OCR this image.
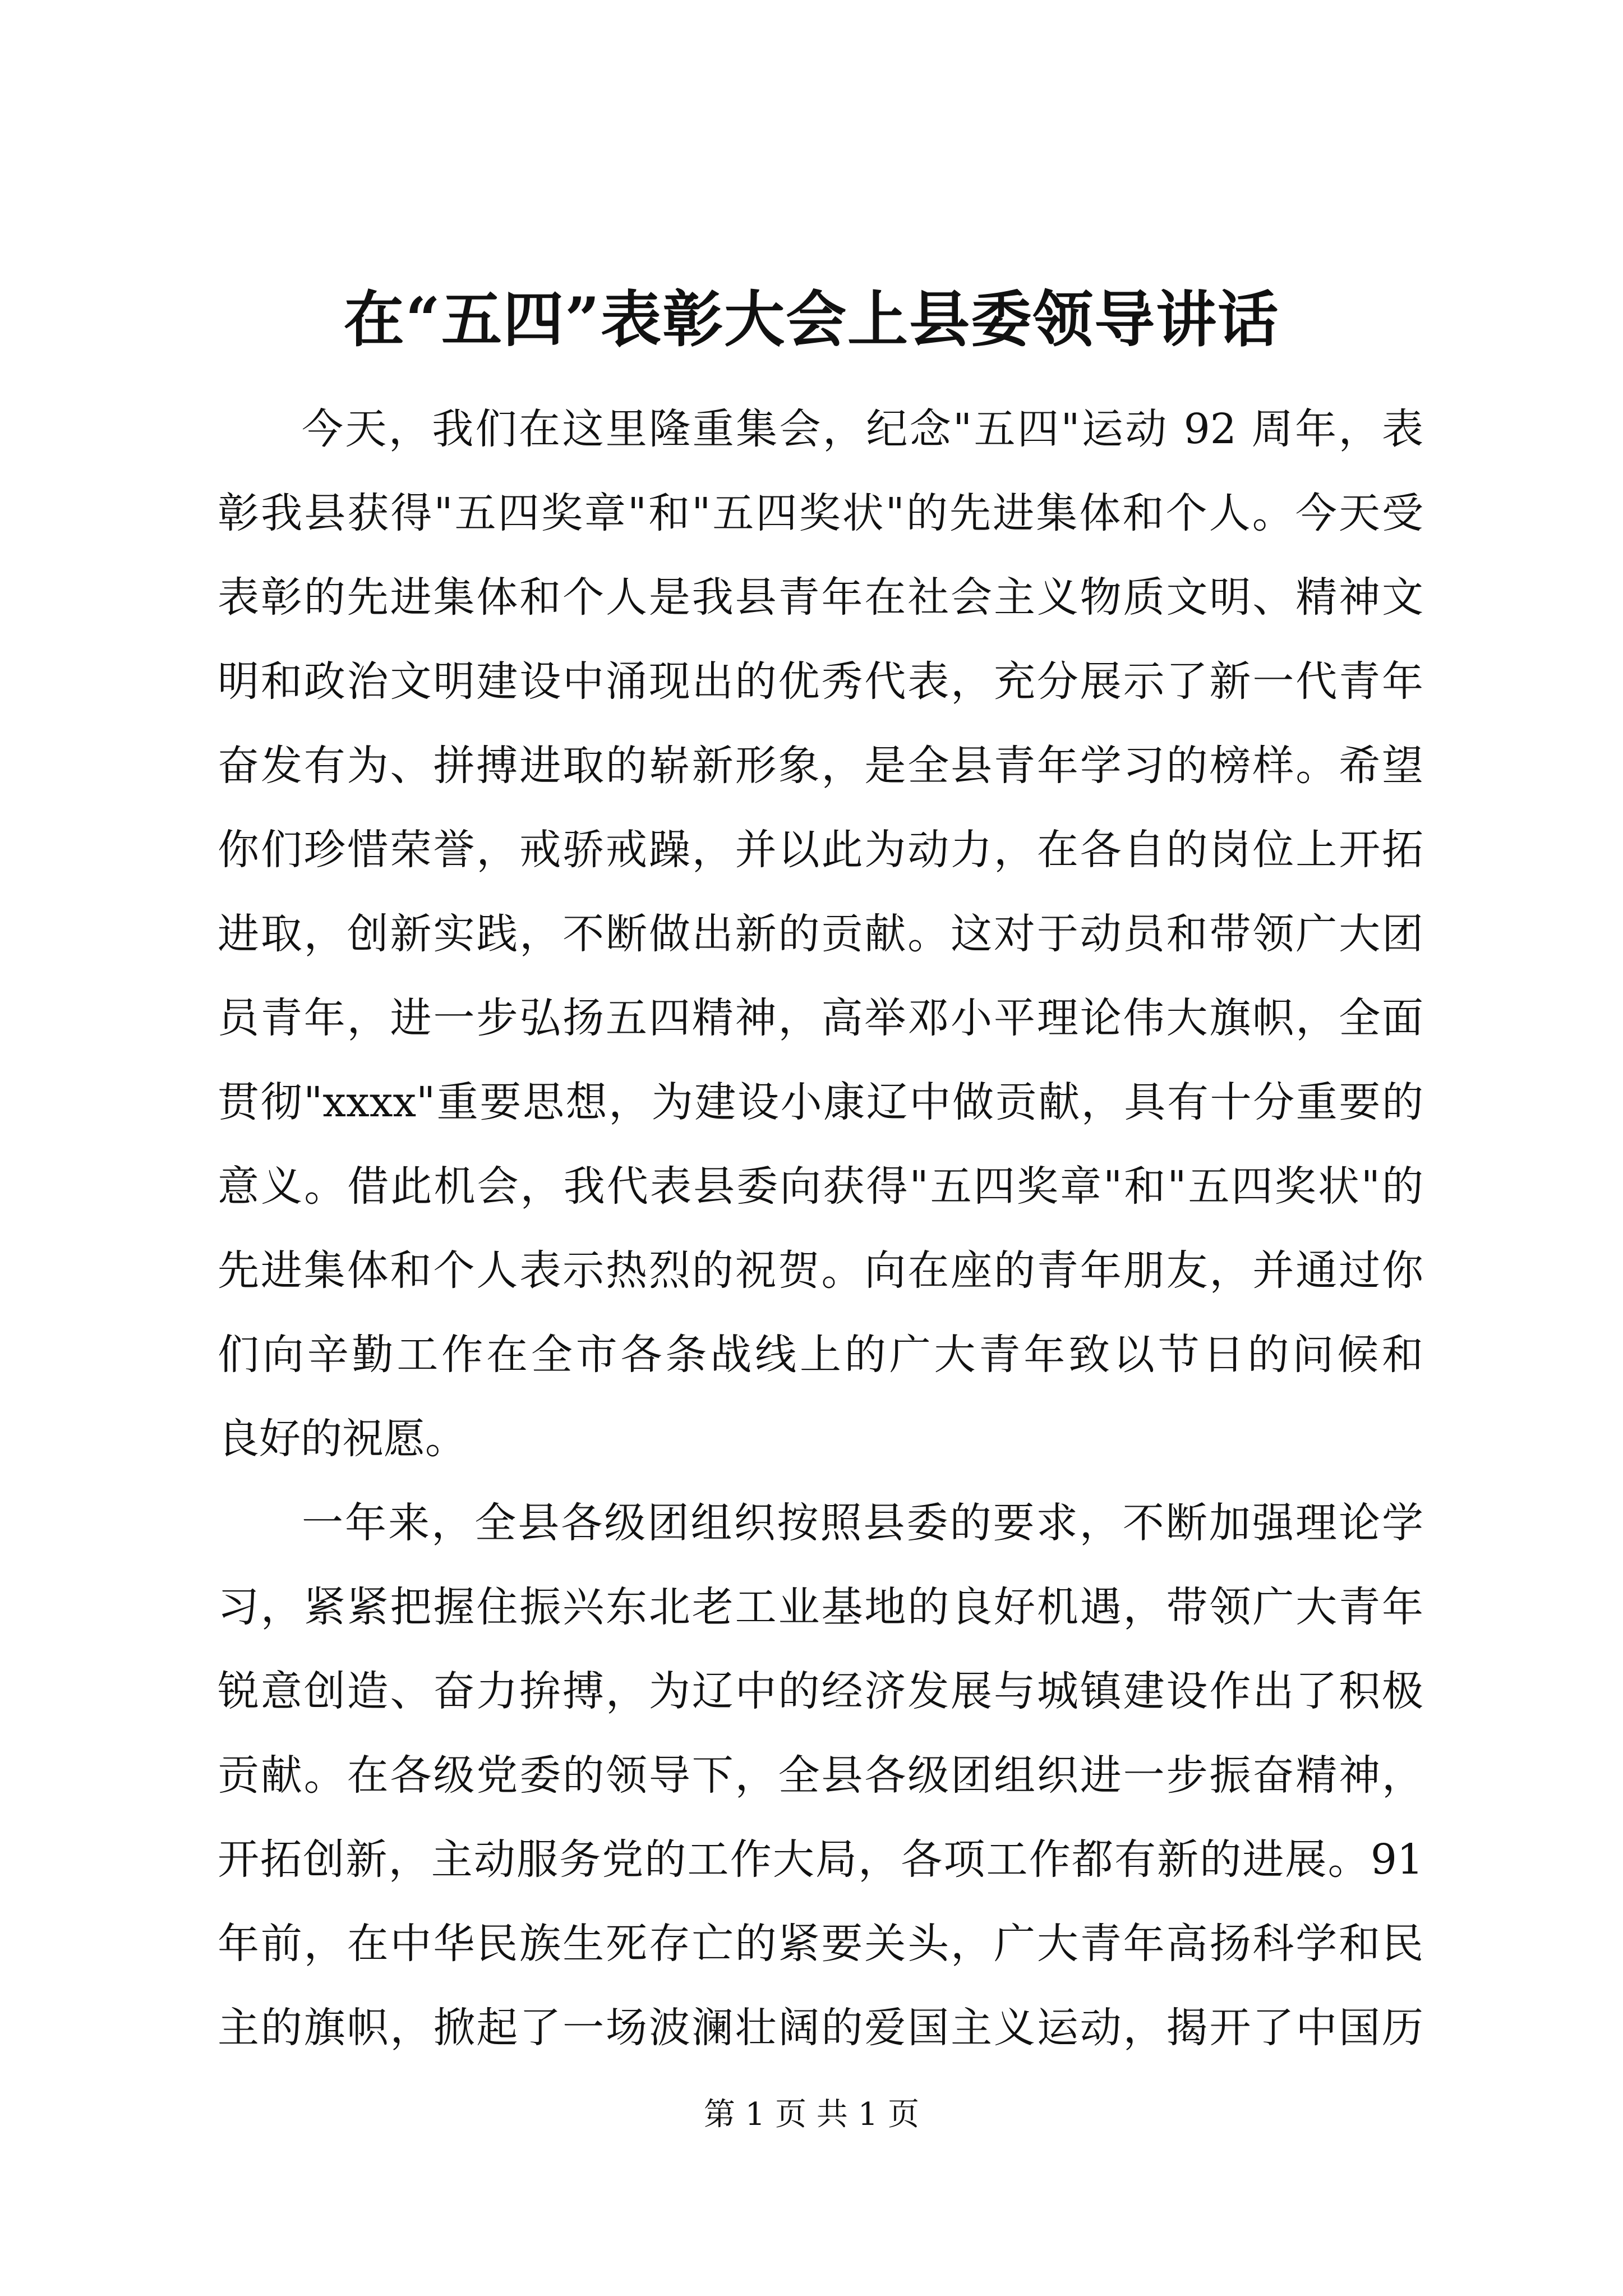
在“五四”表彰大会上县委领导讲话
今天，我们在这里隆重集会，纪念"五四"运动 92 周年，表
彰我县获得"五四奖章"和"五四奖状"的先进集体和个人。今天受
表彰的先进集体和个人是我县青年在社会主义物质文明、精神文
明和政治文明建设中涌现出的优秀代表，充分展示了新一代青年
奋发有为、拼搏进取的崭新形象，是全县青年学习的榜样。希望
你们珍惜荣誉，戒骄戒躁，并以此为动力，在各自的岗位上开拓
进取，创新实践，不断做出新的贡献。这对于动员和带领广大团
员青年，进一步弘扬五四精神，高举邓小平理论伟大旗帜，全面
贯彻"xxxx"重要思想，为建设小康辽中做贡献，具有十分重要的
意义。借此机会，我代表县委向获得"五四奖章"和"五四奖状"的
先进集体和个人表示热烈的祝贺。向在座的青年朋友，并通过你
们向辛勤工作在全市各条战线上的广大青年致以节日的问候和
良好的祝愿。
一年来，全县各级团组织按照县委的要求，不断加强理论学
习，紧紧把握住振兴东北老工业基地的良好机遇，带领广大青年
锐意创造、奋力拚搏，为辽中的经济发展与城镇建设作出了积极
贡献。在各级党委的领导下，全县各级团组织进一步振奋精神，
开拓创新，主动服务党的工作大局，各项工作都有新的进展。91
年前，在中华民族生死存亡的紧要关头，广大青年高扬科学和民
主的旗帜，掀起了一场波澜壮阔的爱国主义运动，揭开了中国历
第 1 页 共 1 页
